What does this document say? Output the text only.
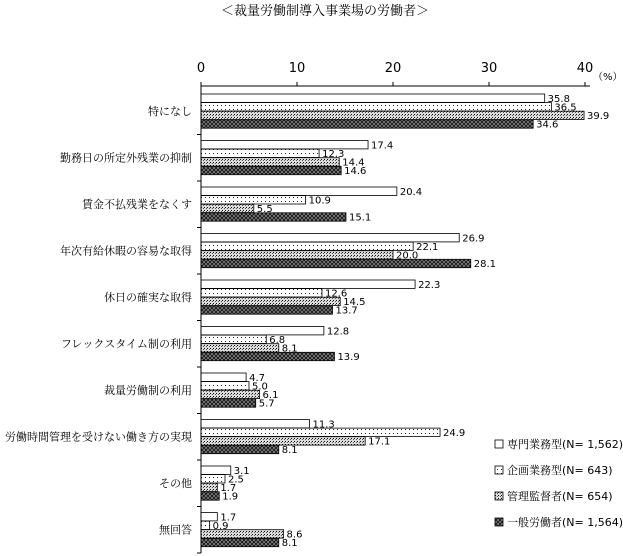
＜裁量労働制導入事業場の労働者＞
（%）
0	10	20	30	40
特になし
勤務日の所定外残業の抑制
賃金不払残業をなくす
年次有給休暇の容易な取得
休日の確実な取得
フレックスタイム制の利用
裁量労働制の利用
労働時間管理を受けない働き方の実現
その他
無回答
35.8
36.5
39.9
34.6
17.4
12.3
14.4
14.6
20.4
10.9
5.5
15.1
26.9
22.1
20.0
28.1
22.3
12.6
14.5
13.7
12.8
6.8
8.1
13.9
4.7
5.0
6.1
5.7
11.3
24.9
17.1
8.1
3.1
2.5
1.7
1.9
1.7
0.9
8.6
8.1
専門業務型(N= 1,562)
企画業務型(N= 643)
管理監督者(N= 654)
一般労働者(N= 1,564)
